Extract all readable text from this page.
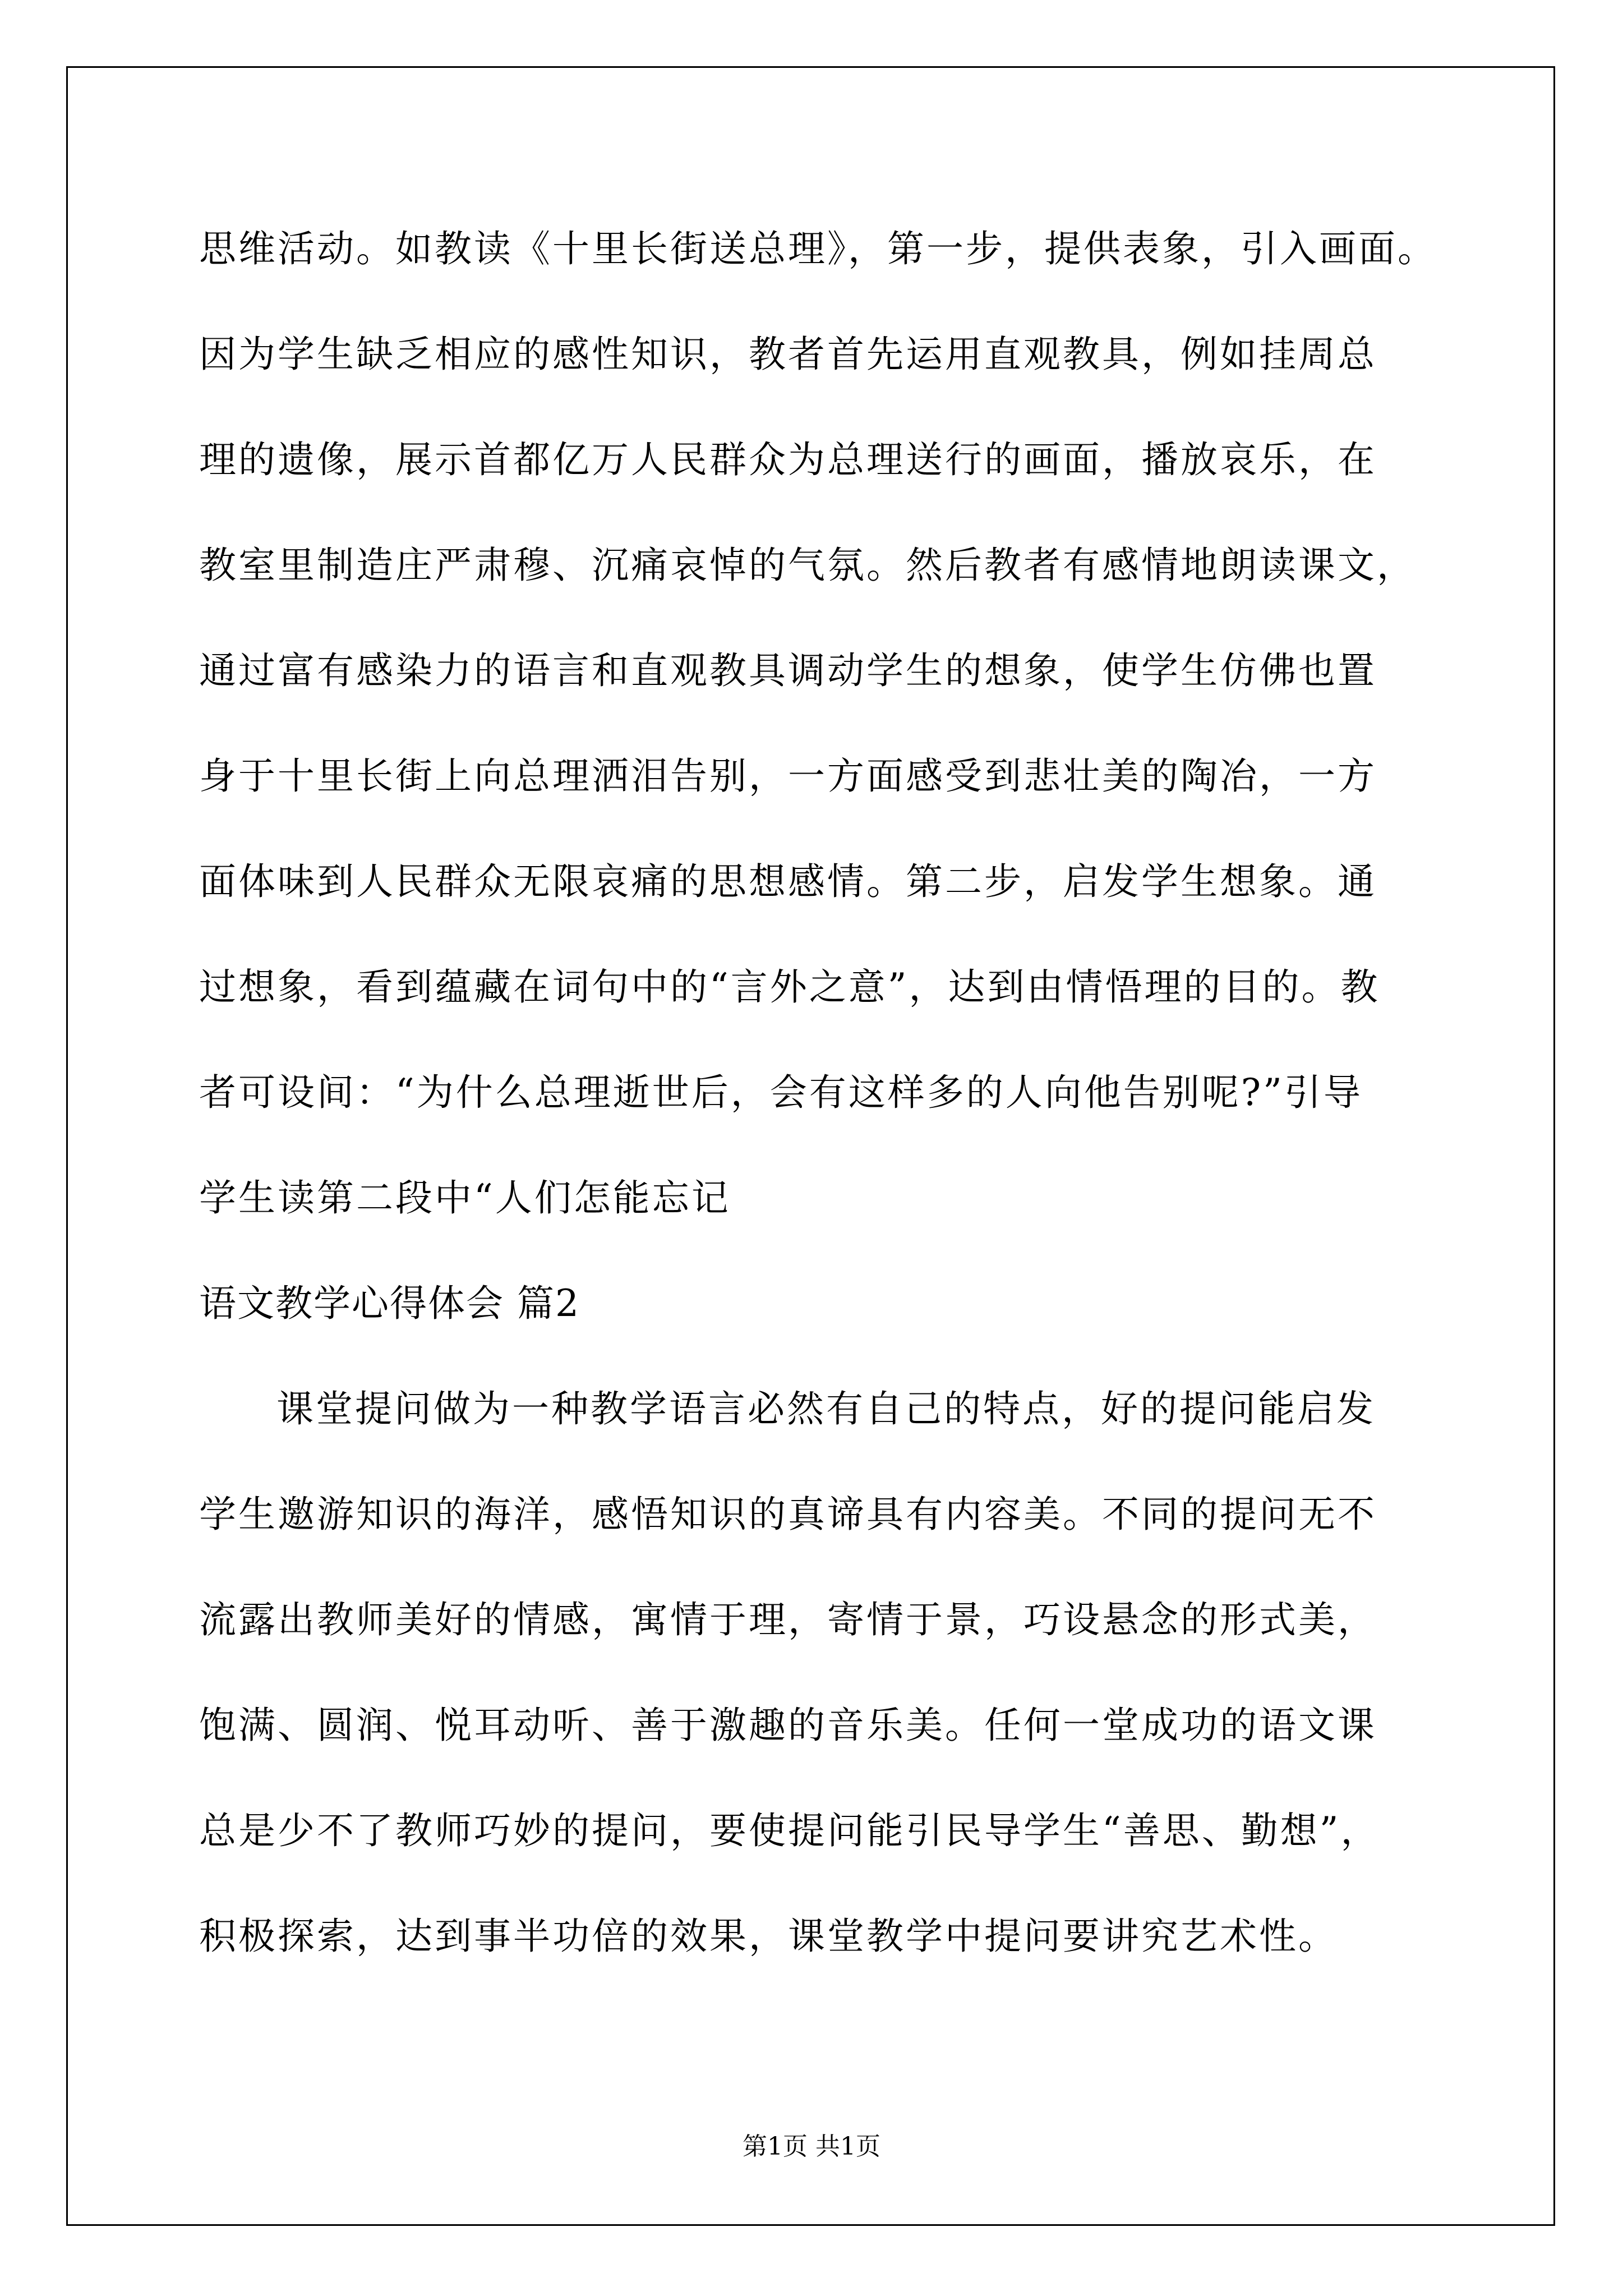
思维活动。如教读《十里长街送总理》，第一步，提供表象，引入画面。
因为学生缺乏相应的感性知识，教者首先运用直观教具，例如挂周总
理的遗像，展示首都亿万人民群众为总理送行的画面，播放哀乐，在
教室里制造庄严肃穆、沉痛哀悼的气氛。然后教者有感情地朗读课文，
通过富有感染力的语言和直观教具调动学生的想象，使学生仿佛也置
身于十里长街上向总理洒泪告别，一方面感受到悲壮美的陶冶，一方
面体味到人民群众无限哀痛的思想感情。第二步，启发学生想象。通
过想象，看到蕴藏在词句中的“言外之意”，达到由情悟理的目的。教
者可设间：“为什么总理逝世后，会有这样多的人向他告别呢?”引导
学生读第二段中“人们怎能忘记
语文教学心得体会 篇2
课堂提问做为一种教学语言必然有自己的特点，好的提问能启发
学生邀游知识的海洋，感悟知识的真谛具有内容美。不同的提问无不
流露出教师美好的情感，寓情于理，寄情于景，巧设悬念的形式美，
饱满、圆润、悦耳动听、善于激趣的音乐美。任何一堂成功的语文课
总是少不了教师巧妙的提问，要使提问能引民导学生“善思、勤想”，
积极探索，达到事半功倍的效果，课堂教学中提问要讲究艺术性。
第1页 共1页
